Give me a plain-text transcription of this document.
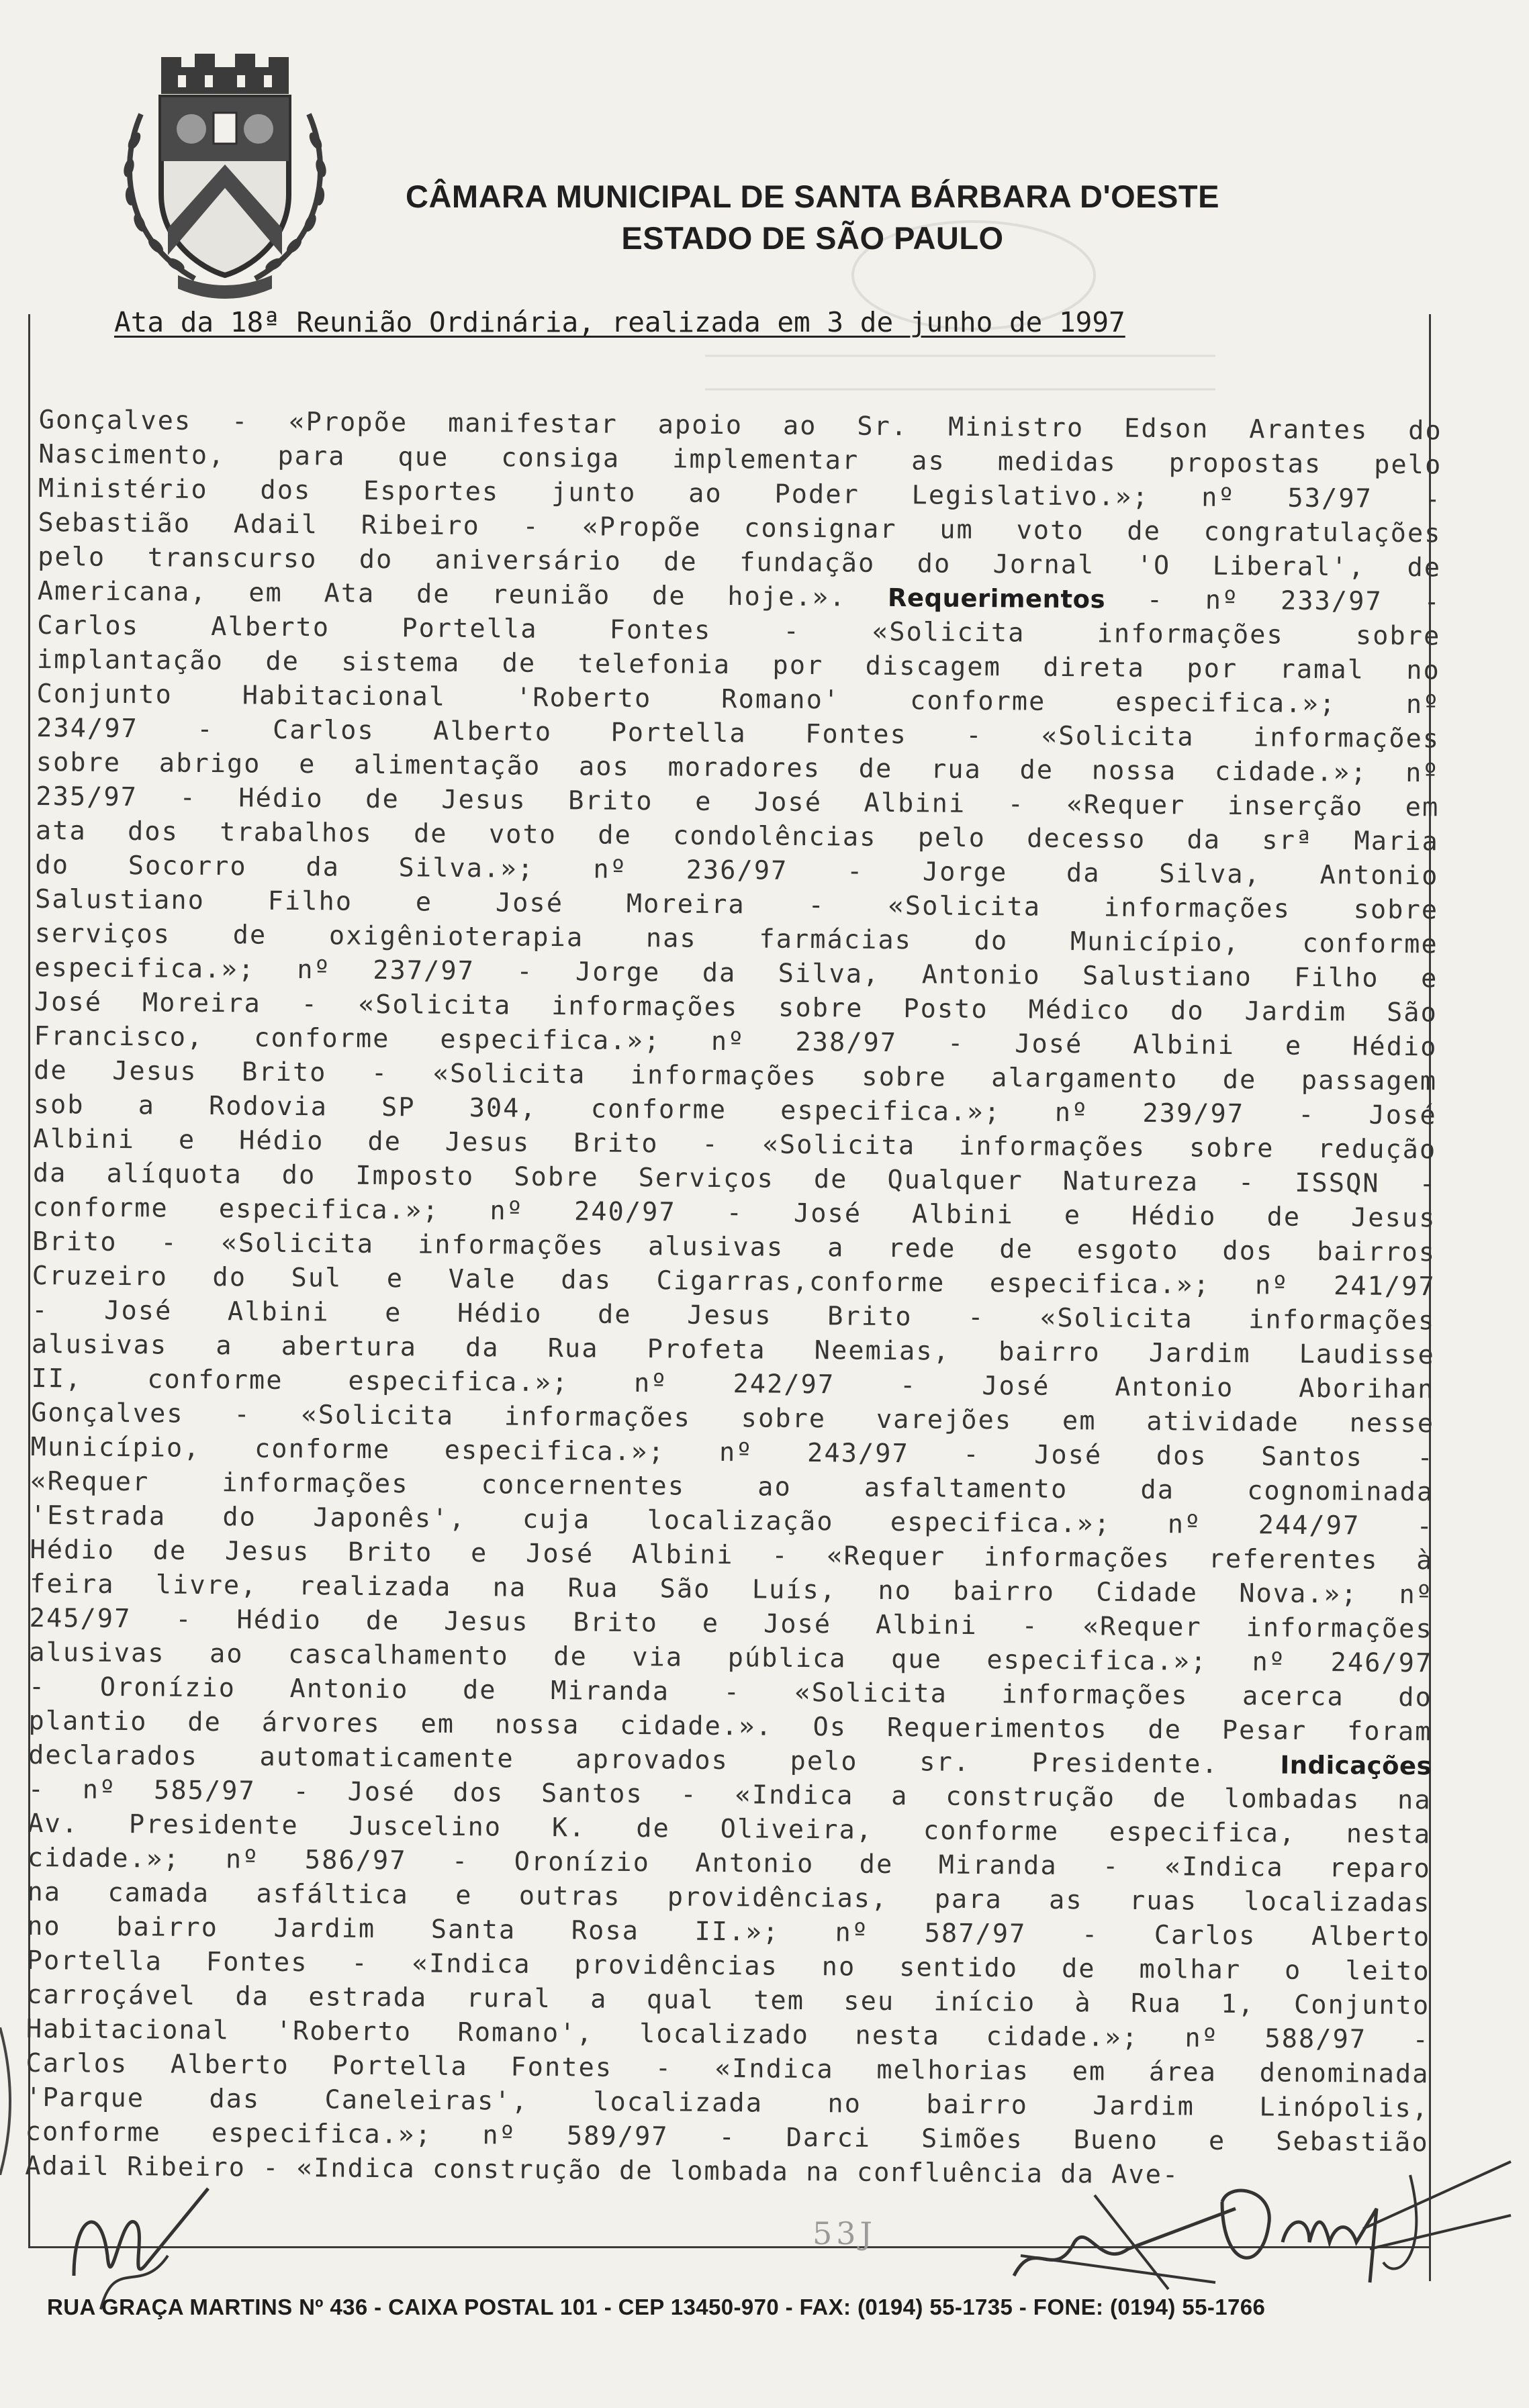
CÂMARA MUNICIPAL DE SANTA BÁRBARA D'OESTE
ESTADO DE SÃO PAULO
Ata da 18ª Reunião Ordinária, realizada em 3 de junho de 1997
Gonçalves - «Propõe manifestar apoio ao Sr. Ministro Edson Arantes do
Nascimento, para que consiga implementar as medidas propostas pelo
Ministério dos Esportes junto ao Poder Legislativo.»; nº 53/97 -
Sebastião Adail Ribeiro - «Propõe consignar um voto de congratulações
pelo transcurso do aniversário de fundação do Jornal 'O Liberal', de
Americana, em Ata de reunião de hoje.». Requerimentos - nº 233/97 -
Carlos Alberto Portella Fontes - «Solicita informações sobre
implantação de sistema de telefonia por discagem direta por ramal no
Conjunto Habitacional 'Roberto Romano' conforme especifica.»; nº
234/97 - Carlos Alberto Portella Fontes - «Solicita informações
sobre abrigo e alimentação aos moradores de rua de nossa cidade.»; nº
235/97 - Hédio de Jesus Brito e José Albini - «Requer inserção em
ata dos trabalhos de voto de condolências pelo decesso da srª Maria
do Socorro da Silva.»; nº 236/97 - Jorge da Silva, Antonio
Salustiano Filho e José Moreira - «Solicita informações sobre
serviços de oxigênioterapia nas farmácias do Município, conforme
especifica.»; nº 237/97 - Jorge da Silva, Antonio Salustiano Filho e
José Moreira - «Solicita informações sobre Posto Médico do Jardim São
Francisco, conforme especifica.»; nº 238/97 - José Albini e Hédio
de Jesus Brito - «Solicita informações sobre alargamento de passagem
sob a Rodovia SP 304, conforme especifica.»; nº 239/97 - José
Albini e Hédio de Jesus Brito - «Solicita informações sobre redução
da alíquota do Imposto Sobre Serviços de Qualquer Natureza - ISSQN -
conforme especifica.»; nº 240/97 - José Albini e Hédio de Jesus
Brito - «Solicita informações alusivas a rede de esgoto dos bairros
Cruzeiro do Sul e Vale das Cigarras,conforme especifica.»; nº 241/97
- José Albini e Hédio de Jesus Brito - «Solicita informações
alusivas a abertura da Rua Profeta Neemias, bairro Jardim Laudisse
II, conforme especifica.»; nº 242/97 - José Antonio Aborihan
Gonçalves - «Solicita informações sobre varejões em atividade nesse
Município, conforme especifica.»; nº 243/97 - José dos Santos -
«Requer informações concernentes ao asfaltamento da cognominada
'Estrada do Japonês', cuja localização especifica.»; nº 244/97 -
Hédio de Jesus Brito e José Albini - «Requer informações referentes à
feira livre, realizada na Rua São Luís, no bairro Cidade Nova.»; nº
245/97 - Hédio de Jesus Brito e José Albini - «Requer informações
alusivas ao cascalhamento de via pública que especifica.»; nº 246/97
- Oronízio Antonio de Miranda - «Solicita informações acerca do
plantio de árvores em nossa cidade.». Os Requerimentos de Pesar foram
declarados automaticamente aprovados pelo sr. Presidente. Indicações
- nº 585/97 - José dos Santos - «Indica a construção de lombadas na
Av. Presidente Juscelino K. de Oliveira, conforme especifica, nesta
cidade.»; nº 586/97 - Oronízio Antonio de Miranda - «Indica reparo
na camada asfáltica e outras providências, para as ruas localizadas
no bairro Jardim Santa Rosa II.»; nº 587/97 - Carlos Alberto
Portella Fontes - «Indica providências no sentido de molhar o leito
carroçável da estrada rural a qual tem seu início à Rua 1, Conjunto
Habitacional 'Roberto Romano', localizado nesta cidade.»; nº 588/97 -
Carlos Alberto Portella Fontes - «Indica melhorias em área denominada
'Parque das Caneleiras', localizada no bairro Jardim Linópolis,
conforme especifica.»; nº 589/97 - Darci Simões Bueno e Sebastião
Adail Ribeiro - «Indica construção de lombada na confluência da Ave-
53J
RUA GRAÇA MARTINS Nº 436 - CAIXA POSTAL 101 - CEP 13450-970 - FAX: (0194) 55-1735 - FONE: (0194) 55-1766
